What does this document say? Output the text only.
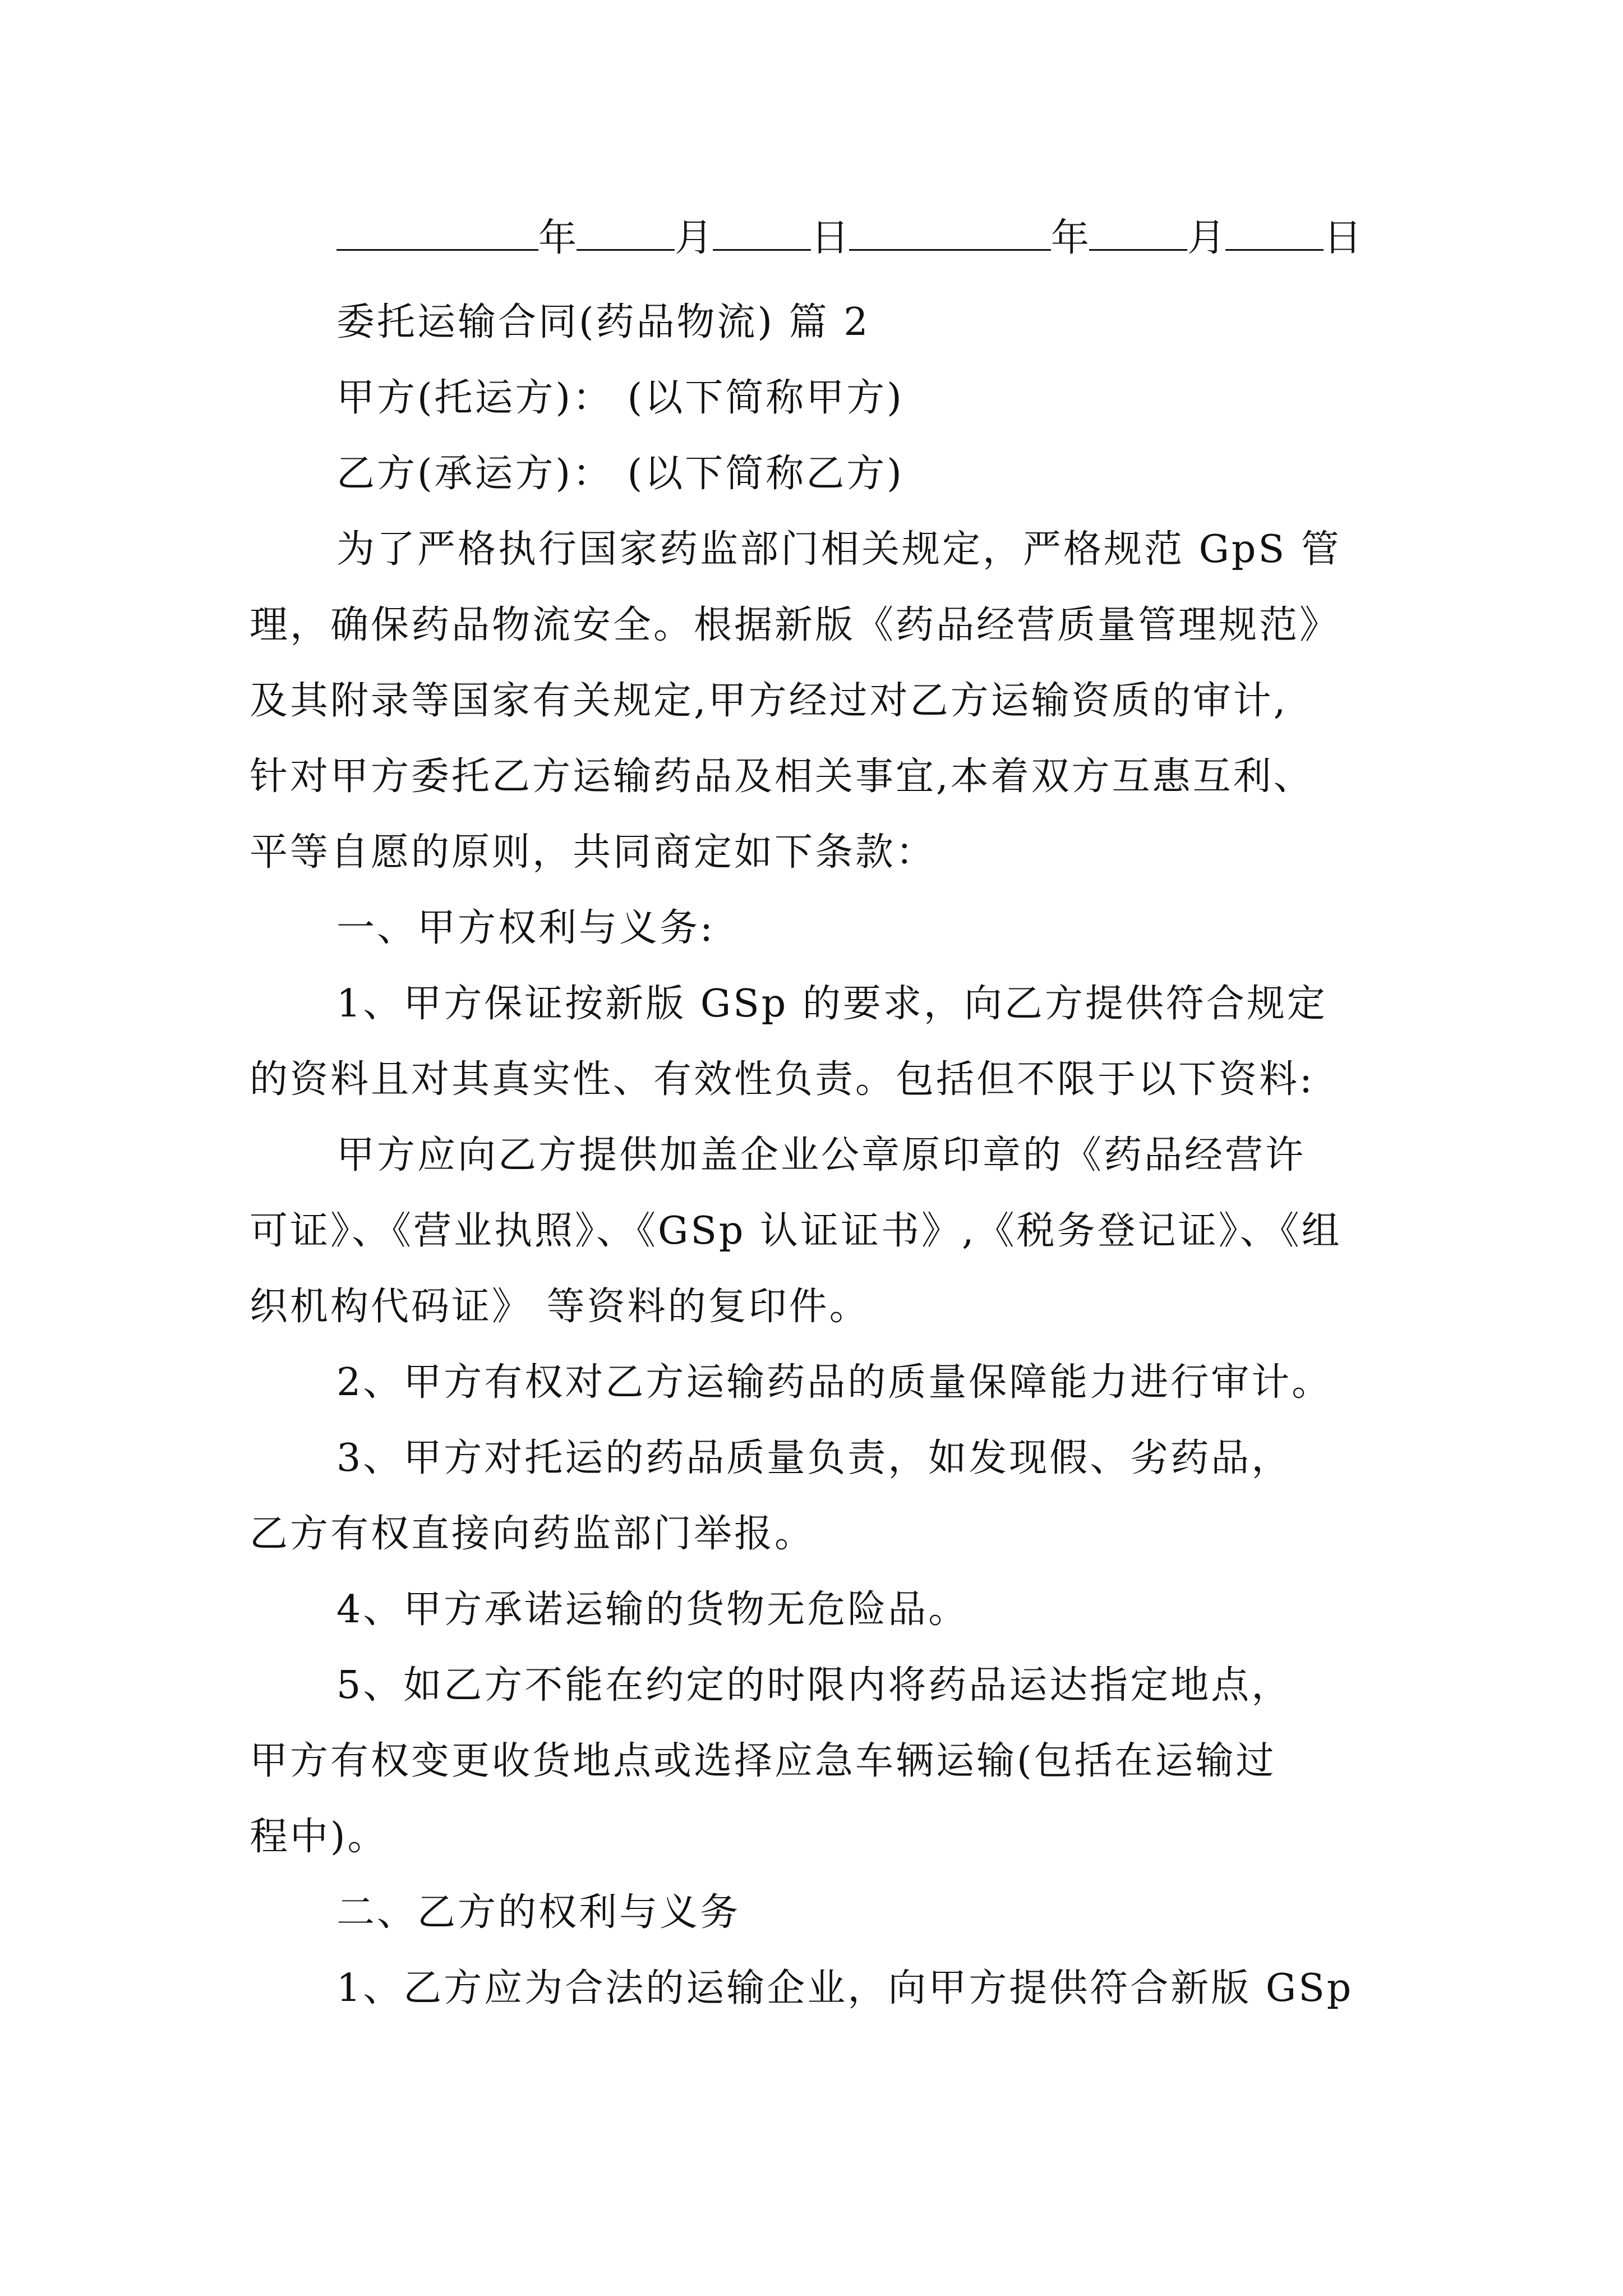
年	月	日	年	月	日
委托运输合同(药品物流) 篇 2
甲方(托运方)： (以下简称甲方)
乙方(承运方)： (以下简称乙方)
为了严格执行国家药监部门相关规定，严格规范 GpS 管
理，确保药品物流安全。根据新版《药品经营质量管理规范》
及其附录等国家有关规定,甲方经过对乙方运输资质的审计,
针对甲方委托乙方运输药品及相关事宜,本着双方互惠互利、
平等自愿的原则，共同商定如下条款：
一、甲方权利与义务:
1、甲方保证按新版 GSp 的要求，向乙方提供符合规定
的资料且对其真实性、有效性负责。包括但不限于以下资料:
甲方应向乙方提供加盖企业公章原印章的《药品经营许
可证》、《营业执照》、《GSp 认证证书》,《税务登记证》、《组
织机构代码证》 等资料的复印件。
2、甲方有权对乙方运输药品的质量保障能力进行审计。
3、甲方对托运的药品质量负责，如发现假、劣药品，
乙方有权直接向药监部门举报。
4、甲方承诺运输的货物无危险品。
5、如乙方不能在约定的时限内将药品运达指定地点，
甲方有权变更收货地点或选择应急车辆运输(包括在运输过
程中)。
二、乙方的权利与义务
1、乙方应为合法的运输企业，向甲方提供符合新版 GSp
